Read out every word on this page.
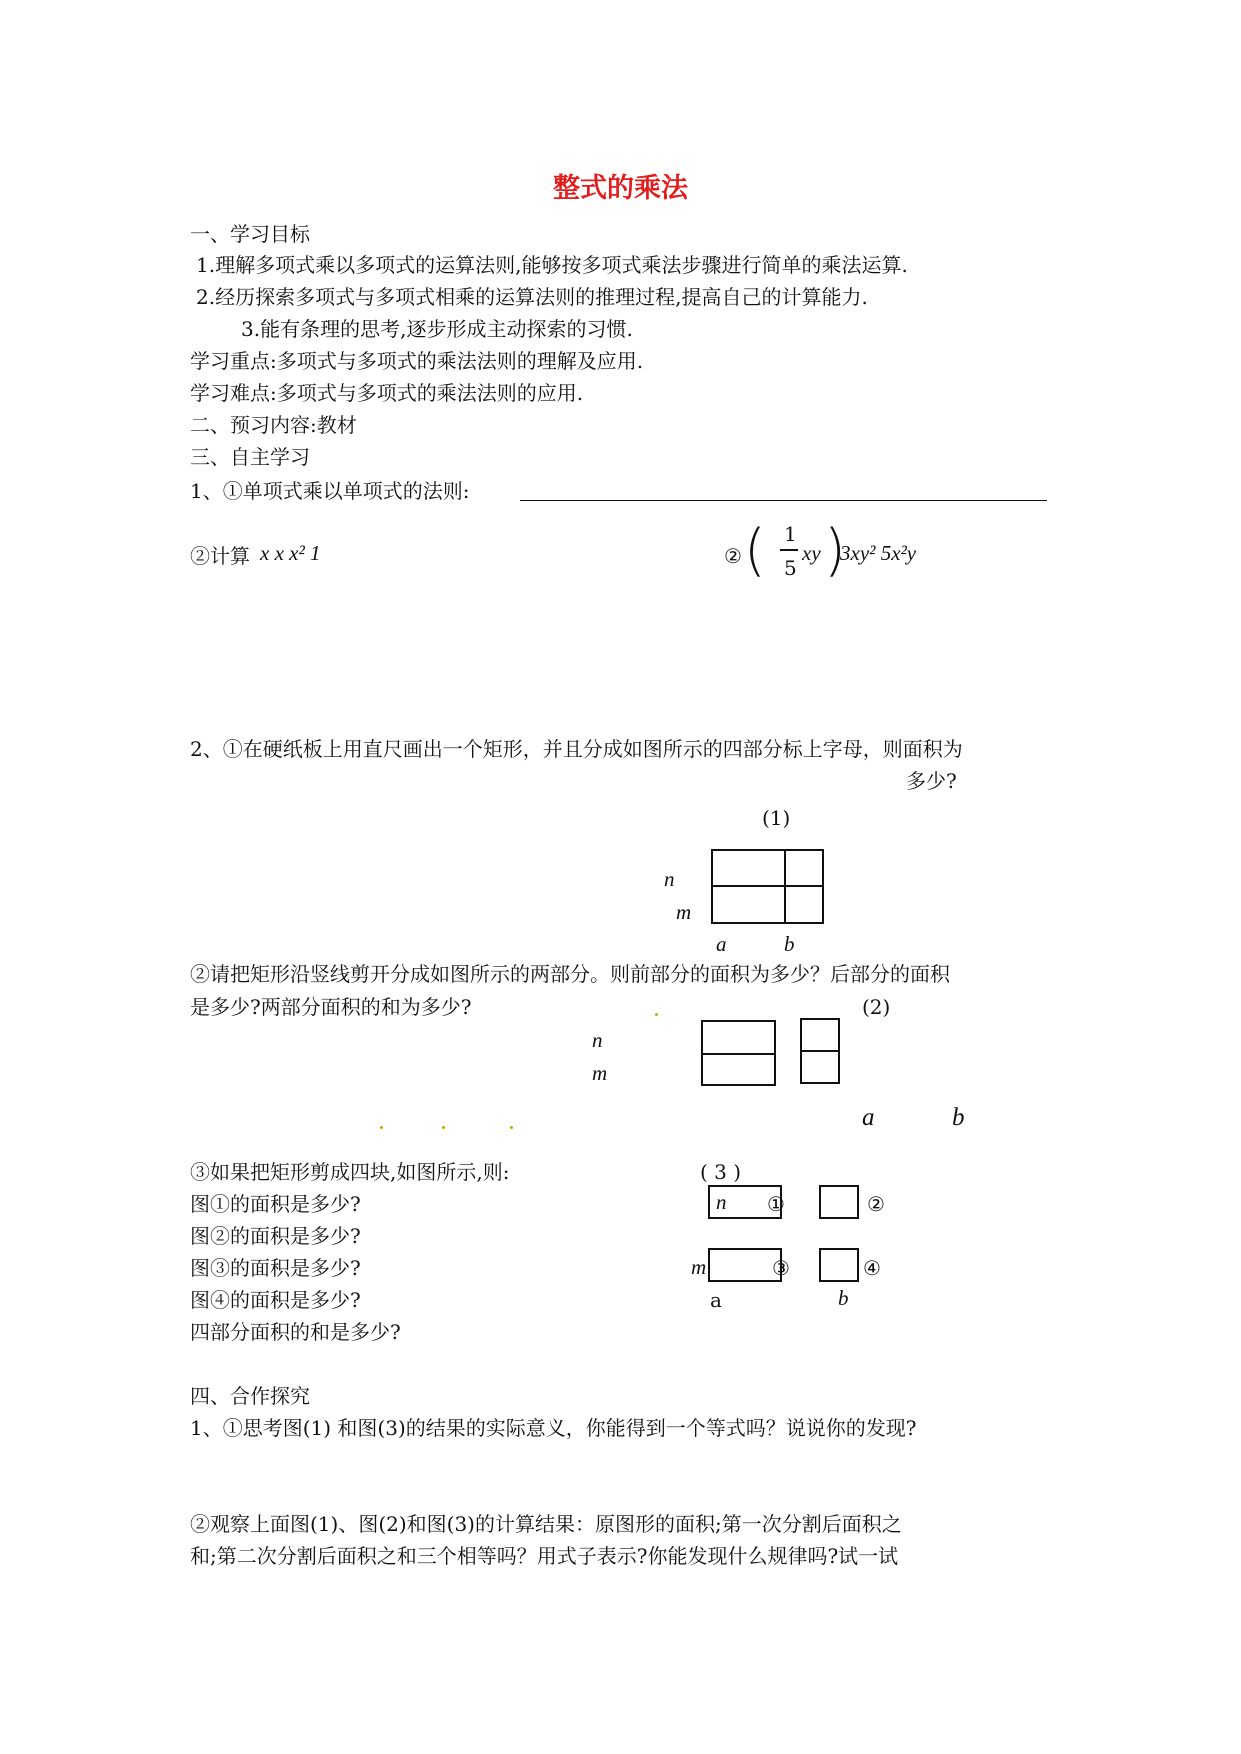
整式的乘法
一、学习目标
1.理解多项式乘以多项式的运算法则,能够按多项式乘法步骤进行简单的乘法运算.
2.经历探索多项式与多项式相乘的运算法则的推理过程,提高自己的计算能力.
3.能有条理的思考,逐步形成主动探索的习惯.
学习重点:多项式与多项式的乘法法则的理解及应用.
学习难点:多项式与多项式的乘法法则的应用.
二、预习内容:教材
三、自主学习
1、①单项式乘以单项式的法则:
②计算 x x x² 1	② ( 1
5
xy )
3xy² 5x²y
2、①在硬纸板上用直尺画出一个矩形，并且分成如图所示的四部分标上字母，则面积为
多少?
(1)
n
m
a	b
②请把矩形沿竖线剪开分成如图所示的两部分。则前部分的面积为多少？后部分的面积
是多少?两部分面积的和为多少?	(2)
n
m
a	b
③如果把矩形剪成四块,如图所示,则:	( 3 )
图①的面积是多少?
图②的面积是多少?
图③的面积是多少?
图④的面积是多少?
四部分面积的和是多少?
n ①	②
m	③	④
a	b
四、合作探究
1、①思考图(1) 和图(3)的结果的实际意义，你能得到一个等式吗？说说你的发现?
②观察上面图(1)、图(2)和图(3)的计算结果：原图形的面积;第一次分割后面积之
和;第二次分割后面积之和三个相等吗？用式子表示?你能发现什么规律吗?试一试
